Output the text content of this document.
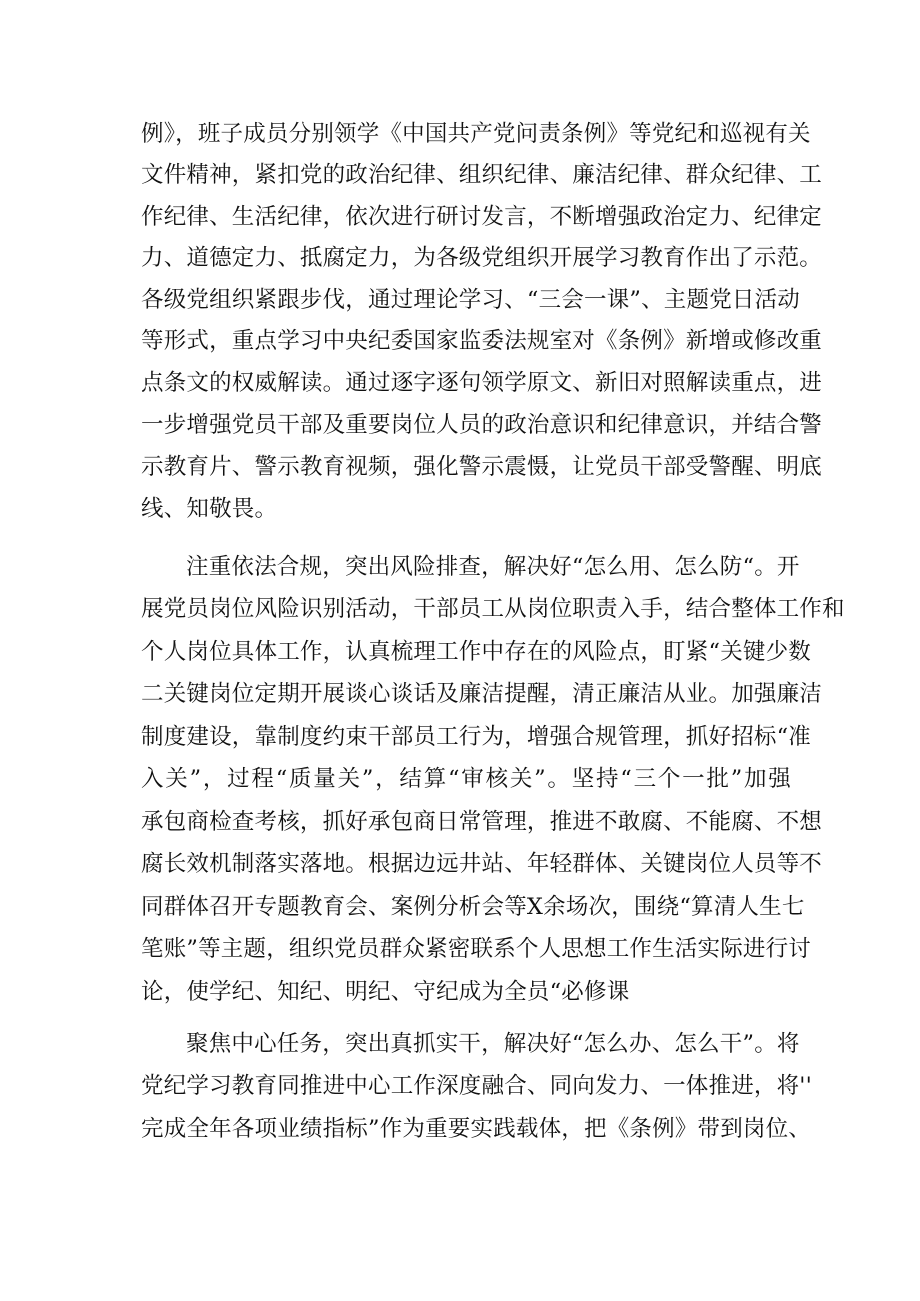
例》，班子成员分别领学《中国共产党问责条例》等党纪和巡视有关
文件精神，紧扣党的政治纪律、组织纪律、廉洁纪律、群众纪律、工
作纪律、生活纪律，依次进行研讨发言，不断增强政治定力、纪律定
力、道德定力、抵腐定力，为各级党组织开展学习教育作出了示范。
各级党组织紧跟步伐，通过理论学习、“三会一课”、主题党日活动
等形式，重点学习中央纪委国家监委法规室对《条例》新增或修改重
点条文的权威解读。通过逐字逐句领学原文、新旧对照解读重点，进
一步增强党员干部及重要岗位人员的政治意识和纪律意识，并结合警
示教育片、警示教育视频，强化警示震慑，让党员干部受警醒、明底
线、知敬畏。
注重依法合规，突出风险排查，解决好“怎么用、怎么防“。开
展党员岗位风险识别活动，干部员工从岗位职责入手，结合整体工作和
个人岗位具体工作，认真梳理工作中存在的风险点，盯紧“关键少数
二关键岗位定期开展谈心谈话及廉洁提醒，清正廉洁从业。加强廉洁
制度建设，靠制度约束干部员工行为，增强合规管理，抓好招标“准
入关”，过程“质量关”，结算“审核关”。坚持“三个一批”加强
承包商检查考核，抓好承包商日常管理，推进不敢腐、不能腐、不想
腐长效机制落实落地。根据边远井站、年轻群体、关键岗位人员等不
同群体召开专题教育会、案例分析会等X余场次，围绕“算清人生七
笔账”等主题，组织党员群众紧密联系个人思想工作生活实际进行讨
论，使学纪、知纪、明纪、守纪成为全员“必修课
聚焦中心任务，突出真抓实干，解决好“怎么办、怎么干”。将
党纪学习教育同推进中心工作深度融合、同向发力、一体推进，将''
完成全年各项业绩指标”作为重要实践载体，把《条例》带到岗位、
